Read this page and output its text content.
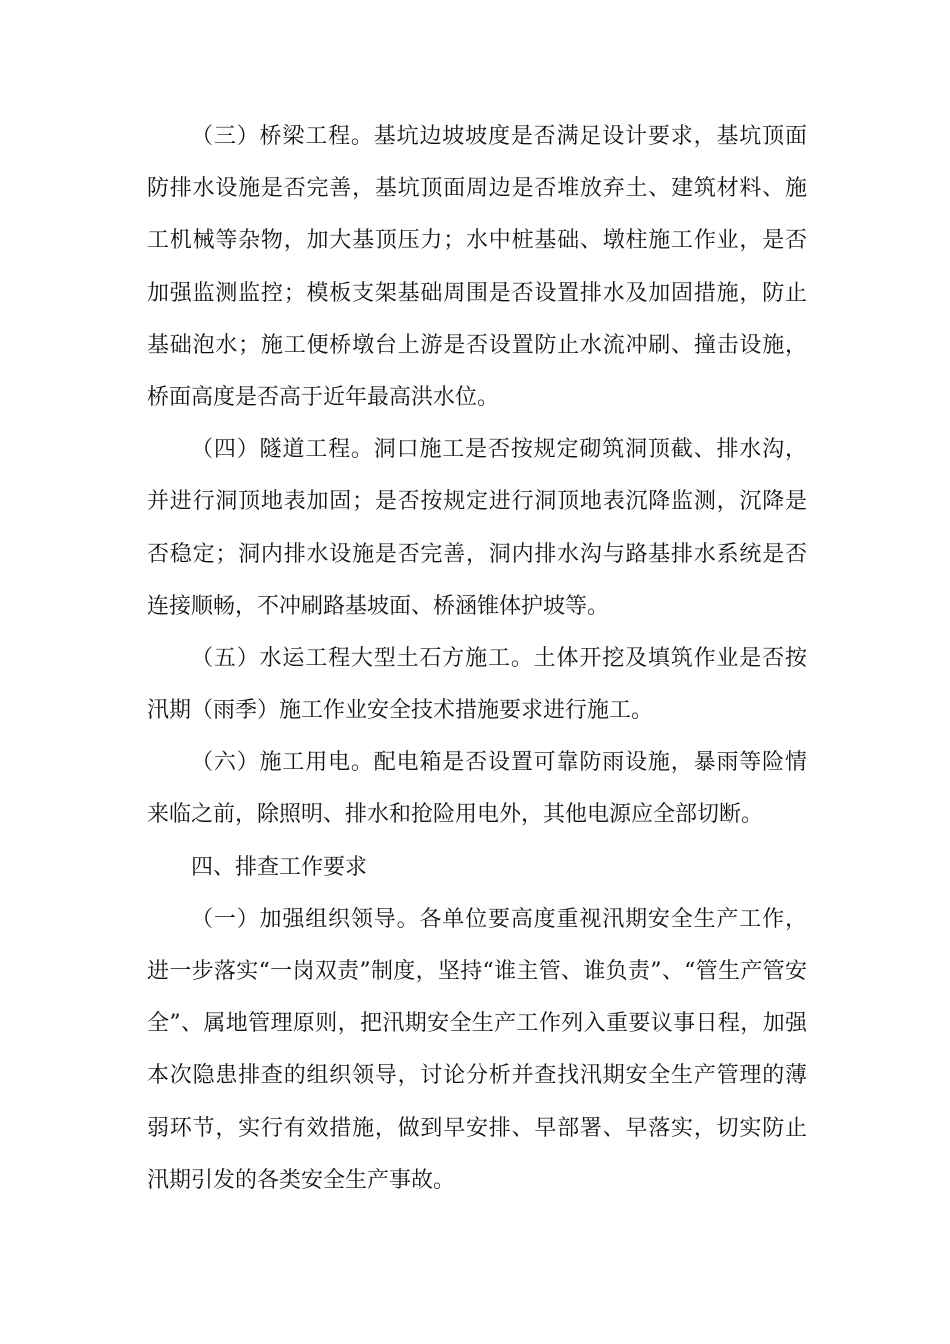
（三）桥梁工程。基坑边坡坡度是否满足设计要求，基坑顶面
防排水设施是否完善，基坑顶面周边是否堆放弃土、建筑材料、施
工机械等杂物，加大基顶压力；水中桩基础、墩柱施工作业，是否
加强监测监控；模板支架基础周围是否设置排水及加固措施，防止
基础泡水；施工便桥墩台上游是否设置防止水流冲刷、撞击设施，
桥面高度是否高于近年最高洪水位。
（四）隧道工程。洞口施工是否按规定砌筑洞顶截、排水沟，
并进行洞顶地表加固；是否按规定进行洞顶地表沉降监测，沉降是
否稳定；洞内排水设施是否完善，洞内排水沟与路基排水系统是否
连接顺畅，不冲刷路基坡面、桥涵锥体护坡等。
（五）水运工程大型土石方施工。土体开挖及填筑作业是否按
汛期（雨季）施工作业安全技术措施要求进行施工。
（六）施工用电。配电箱是否设置可靠防雨设施，暴雨等险情
来临之前，除照明、排水和抢险用电外，其他电源应全部切断。
四、排查工作要求
（一）加强组织领导。各单位要高度重视汛期安全生产工作，
进一步落实“一岗双责”制度，坚持“谁主管、谁负责”、“管生产管安
全”、属地管理原则，把汛期安全生产工作列入重要议事日程，加强
本次隐患排查的组织领导，讨论分析并查找汛期安全生产管理的薄
弱环节，实行有效措施，做到早安排、早部署、早落实，切实防止
汛期引发的各类安全生产事故。
